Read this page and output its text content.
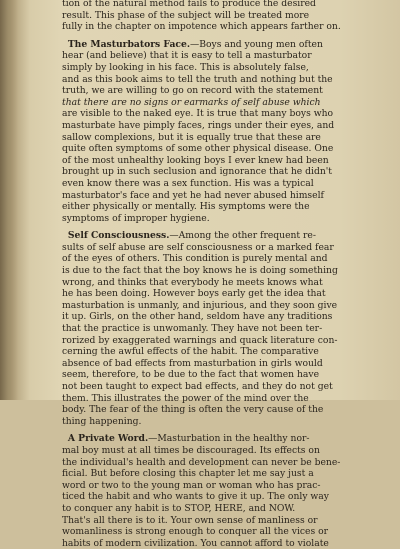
tion of the natural method fails to produce the desired
result. This phase of the subject will be treated more
fully in the chapter on impotence which appears farther on.

The Masturbators Face.—Boys and young men often
hear (and believe) that it is easy to tell a masturbator
simply by looking in his face. This is absolutely false,
and as this book aims to tell the truth and nothing but the
truth, we are willing to go on record with the statement
that there are no signs or earmarks of self abuse which
are visible to the naked eye. It is true that many boys who
masturbate have pimply faces, rings under their eyes, and
sallow complexions, but it is equally true that these are
quite often symptoms of some other physical disease. One
of the most unhealthy looking boys I ever knew had been
brought up in such seclusion and ignorance that he didn't
even know there was a sex function. His was a typical
masturbator's face and yet he had never abused himself
either physically or mentally. His symptoms were the
symptoms of improper hygiene.

Self Consciousness.—Among the other frequent re-
sults of self abuse are self consciousness or a marked fear
of the eyes of others. This condition is purely mental and
is due to the fact that the boy knows he is doing something
wrong, and thinks that everybody he meets knows what
he has been doing. However boys early get the idea that
masturbation is unmanly, and injurious, and they soon give
it up. Girls, on the other hand, seldom have any traditions
that the practice is unwomanly. They have not been ter-
rorized by exaggerated warnings and quack literature con-
cerning the awful effects of the habit. The comparative
absence of bad effects from masturbation in girls would
seem, therefore, to be due to the fact that women have
not been taught to expect bad effects, and they do not get
them. This illustrates the power of the mind over the
body. The fear of the thing is often the very cause of the
thing happening.

A Private Word.—Masturbation in the healthy nor-
mal boy must at all times be discouraged. Its effects on
the individual's health and development can never be bene-
ficial. But before closing this chapter let me say just a
word or two to the young man or woman who has prac-
ticed the habit and who wants to give it up. The only way
to conquer any habit is to STOP, HERE, and NOW.
That's all there is to it. Your own sense of manliness or
womanliness is strong enough to conquer all the vices or
habits of modern civilization. You cannot afford to violate
